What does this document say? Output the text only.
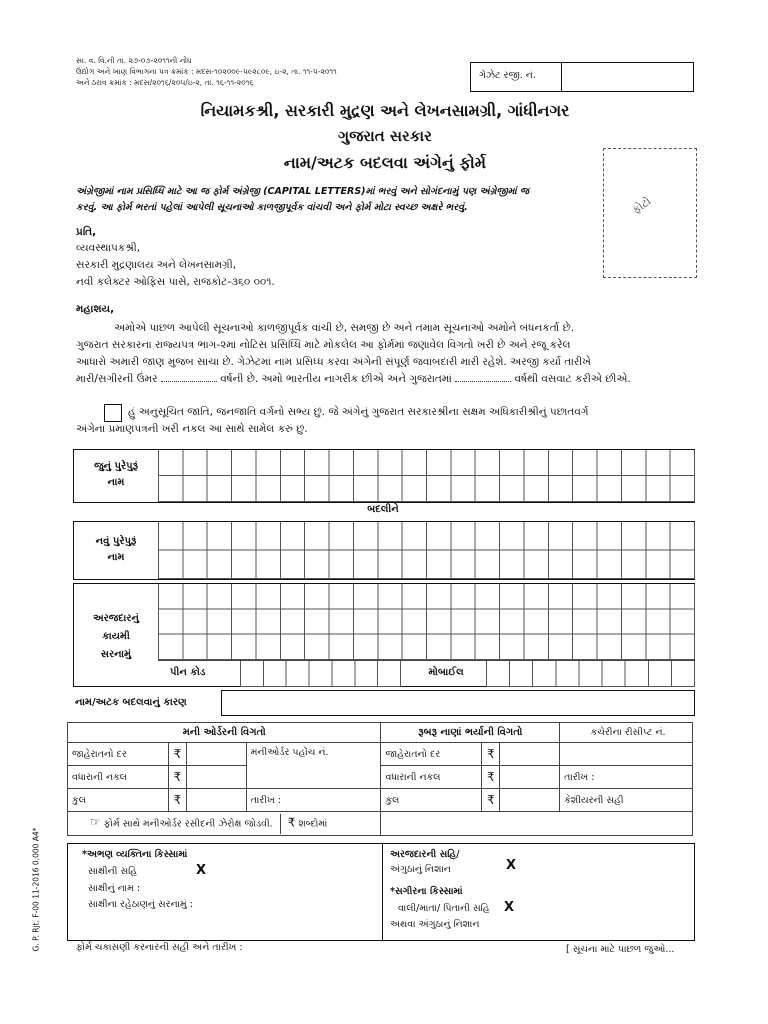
સા. વ. વિ.ની તા. ૨૭-૦૭-૨૦૧૧ની નોંધ
ઉદ્યોગ અને ખાણ વિભાગના પત્ર ક્રમાંક : મદસ-૧૦૨૦૦૯-૫૯૨૮૦૯, ઇ-૨, તા. ૧૧-૫-૨૦૧૧
અને ઠરાવ ક્રમાંક : મદસ/૨૦૧૬/૨૦૫/ઇ-૨, તા. ૧૬-૧૧-૨૦૧૬
ગેઝેટ રજી. નં.
નિયામકશ્રી, સરકારી મુદ્રણ અને લેખનસામગ્રી, ગાંધીનગર
ગુજરાત સરકાર
નામ/અટક બદલવા અંગેનું ફોર્મ
ફોટો
અંગ્રેજીમાં નામ પ્રસિધ્ધિ માટે આ જ ફોર્મ અંગ્રેજી (CAPITAL LETTERS)માં ભરવું અને સોગંદનામું પણ અંગ્રેજીમાં જ
કરવું. આ ફોર્મ ભરતાં પહેલાં આપેલી સૂચનાઓ કાળજીપૂર્વક વાંચવી અને ફોર્મ મોટા સ્વચ્છ અક્ષરે ભરવું.
પ્રતિ,
વ્યવસ્થાપકશ્રી,
સરકારી મુદ્રણાલય અને લેખનસામગ્રી,
નવી કલેક્ટર ઓફિસ પાસે, રાજકોટ-૩૬૦ ૦૦૧.
મહાશય,
અમોએ પાછળ આપેલી સૂચનાઓ કાળજીપૂર્વક વાંચી છે, સમજી છે અને તમામ સૂચનાઓ અમોને બંધનકર્તા છે.
ગુજરાત સરકારના રાજ્યપત્ર ભાગ-૨માં નોટિસ પ્રસિધ્ધિ માટે મોકલેલ આ ફોર્મમાં જણાવેલ વિગતો ખરી છે અને રજૂ કરેલ
આધારો અમારી જાણ મુજબ સાચા છે. ગેઝેટમાં નામ પ્રસિધ્ધ કરવા અંગેની સંપૂર્ણ જવાબદારી મારી રહેશે. અરજી કર્યા તારીખે
મારી/સગીરની ઉંમર	વર્ષની છે. અમો ભારતીય નાગરીક છીએ અને ગુજરાતમાં	વર્ષથી વસવાટ કરીએ છીએ.
હું અનુસૂચિત જાતિ, જનજાતિ વર્ગનો સભ્ય છું. જે અંગેનું ગુજરાત સરકારશ્રીના સક્ષમ અધિકારીશ્રીનું પછાતવર્ગ
અંગેના પ્રમાણપત્રની ખરી નકલ આ સાથે સામેલ કરું છું.
જુનું પુરેપુરૂં
નામ
બદલીને
નવું પુરેપુરૂં
નામ
અરજદારનું
કાયમી
સરનામું
પીન કોડ	મોબાઈલ
નામ/અટક બદલવાનું કારણ
મની ઓર્ડરની વિગતો				રૂબરૂ નાણાં ભર્યાની વિગતો			કચેરીના રીસીપ્ટ નં.
જાહેરાતનો દર	₹		મનીઓર્ડર પહોંચ નં.	જાહેરાતનો દર	₹		
વધારાની નકલ	₹			વધારાની નકલ	₹		તારીખ :
કુલ	₹		તારીખ :	કુલ	₹		કેશીયરની સહી
☞ ફોર્મ સાથે મનીઓર્ડર રસીદની ઝેરોક્ષ જોડવી. ₹ શબ્દોમાં							
*અભણ વ્યક્તિના કિસ્સામાં
સાક્ષીની સહિ	X
સાક્ષીનું નામ :
સાક્ષીના રહેઠાણનું સરનામું :
અરજદારની સહિ/
અંગુઠાનું નિશાન	X
*સગીરના કિસ્સામાં
વાલી/માતા/ પિતાની સહિ X
અથવા અંગુઠાનું નિશાન
ફોર્મ ચકાસણી કરનારની સહી અને તારીખ :	[ સૂચના માટે પાછળ જુઓ...
G. P. Rjt. F-00 11-2016 0,000 A4*
